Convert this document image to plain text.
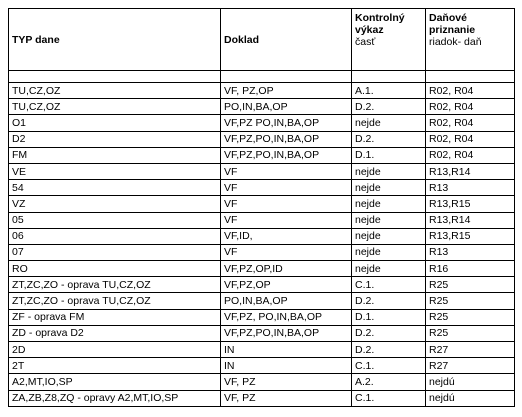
TYP dane	Doklad	Kontrolný
výkaz
časť	Daňové
priznanie
riadok- daň

TU,CZ,OZ	VF, PZ,OP	A.1.	R02, R04
TU,CZ,OZ	PO,IN,BA,OP	D.2.	R02, R04
O1	VF,PZ PO,IN,BA,OP	nejde	R02, R04
D2	VF,PZ,PO,IN,BA,OP	D.2.	R02, R04
FM	VF,PZ,PO,IN,BA,OP	D.1.	R02, R04
VE	VF	nejde	R13,R14
54	VF	nejde	R13
VZ	VF	nejde	R13,R15
05	VF	nejde	R13,R14
06	VF,ID,	nejde	R13,R15
07	VF	nejde	R13
RO	VF,PZ,OP,ID	nejde	R16
ZT,ZC,ZO - oprava TU,CZ,OZ	VF,PZ,OP	C.1.	R25
ZT,ZC,ZO - oprava TU,CZ,OZ	PO,IN,BA,OP	D.2.	R25
ZF - oprava FM	VF,PZ, PO,IN,BA,OP	D.1.	R25
ZD - oprava D2	VF,PZ,PO,IN,BA,OP	D.2.	R25
2D	IN	D.2.	R27
2T	IN	C.1.	R27
A2,MT,IO,SP	VF, PZ	A.2.	nejdú
ZA,ZB,Z8,ZQ - opravy A2,MT,IO,SP	VF, PZ	C.1.	nejdú
